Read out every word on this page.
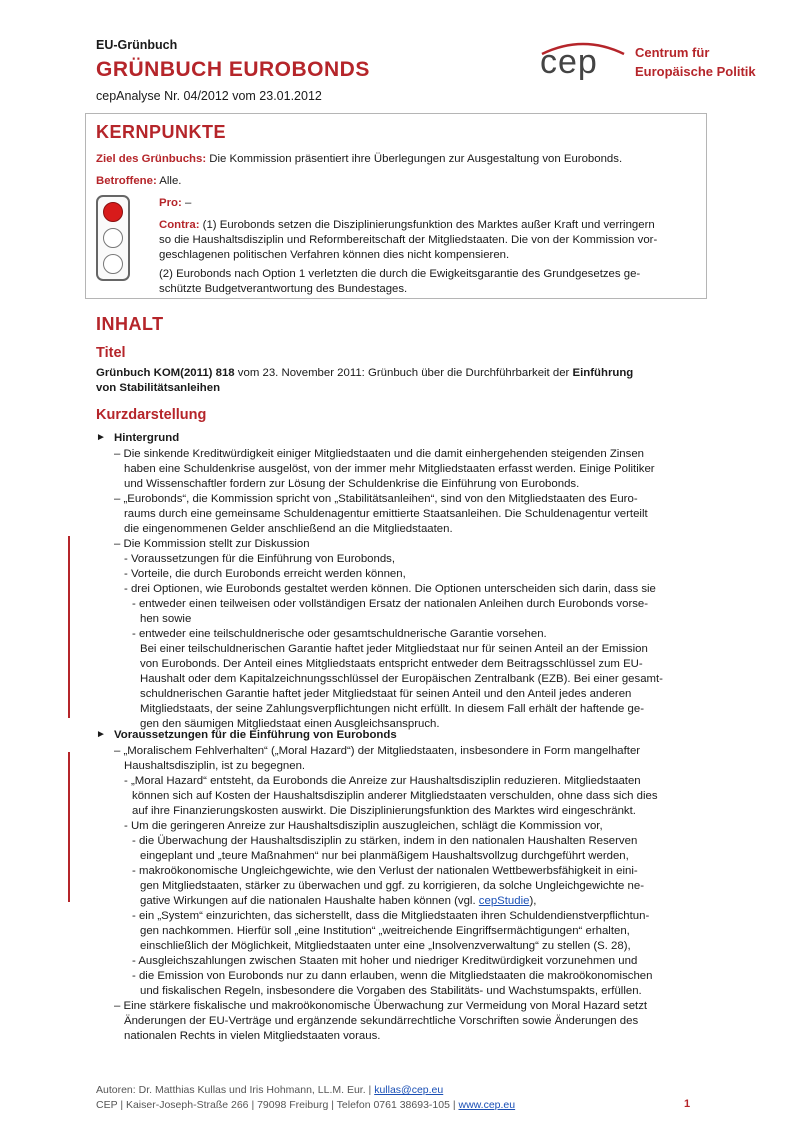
EU-Grünbuch
GRÜNBUCH EUROBONDS
cepAnalyse Nr. 04/2012 vom 23.01.2012
cep	Centrum für
Europäische Politik
KERNPUNKTE
Ziel des Grünbuchs: Die Kommission präsentiert ihre Überlegungen zur Ausgestaltung von Eurobonds.
Betroffene: Alle.
Pro: –
Contra: (1) Eurobonds setzen die Disziplinierungsfunktion des Marktes außer Kraft und verringern
so die Haushaltsdisziplin und Reformbereitschaft der Mitgliedstaaten. Die von der Kommission vor-
geschlagenen politischen Verfahren können dies nicht kompensieren.
(2) Eurobonds nach Option 1 verletzten die durch die Ewigkeitsgarantie des Grundgesetzes ge-
schützte Budgetverantwortung des Bundestages.
INHALT
Titel
Grünbuch KOM(2011) 818 vom 23. November 2011: Grünbuch über die Durchführbarkeit der Einführung
von Stabilitätsanleihen
Kurzdarstellung
►
►
Hintergrund
– Die sinkende Kreditwürdigkeit einiger Mitgliedstaaten und die damit einhergehenden steigenden Zinsen
haben eine Schuldenkrise ausgelöst, von der immer mehr Mitgliedstaaten erfasst werden. Einige Politiker
und Wissenschaftler fordern zur Lösung der Schuldenkrise die Einführung von Eurobonds.
– „Eurobonds“, die Kommission spricht von „Stabilitätsanleihen“, sind von den Mitgliedstaaten des Euro-
raums durch eine gemeinsame Schuldenagentur emittierte Staatsanleihen. Die Schuldenagentur verteilt
die eingenommenen Gelder anschließend an die Mitgliedstaaten.
– Die Kommission stellt zur Diskussion
- Voraussetzungen für die Einführung von Eurobonds,
- Vorteile, die durch Eurobonds erreicht werden können,
- drei Optionen, wie Eurobonds gestaltet werden können. Die Optionen unterscheiden sich darin, dass sie
- entweder einen teilweisen oder vollständigen Ersatz der nationalen Anleihen durch Eurobonds vorse-
hen sowie
- entweder eine teilschuldnerische oder gesamtschuldnerische Garantie vorsehen.
Bei einer teilschuldnerischen Garantie haftet jeder Mitgliedstaat nur für seinen Anteil an der Emission
von Eurobonds. Der Anteil eines Mitgliedstaats entspricht entweder dem Beitragsschlüssel zum EU-
Haushalt oder dem Kapitalzeichnungsschlüssel der Europäischen Zentralbank (EZB). Bei einer gesamt-
schuldnerischen Garantie haftet jeder Mitgliedstaat für seinen Anteil und den Anteil jedes anderen
Mitgliedstaats, der seine Zahlungsverpflichtungen nicht erfüllt. In diesem Fall erhält der haftende ge-
gen den säumigen Mitgliedstaat einen Ausgleichsanspruch.
Voraussetzungen für die Einführung von Eurobonds
– „Moralischem Fehlverhalten“ („Moral Hazard“) der Mitgliedstaaten, insbesondere in Form mangelhafter
Haushaltsdisziplin, ist zu begegnen.
- „Moral Hazard“ entsteht, da Eurobonds die Anreize zur Haushaltsdisziplin reduzieren. Mitgliedstaaten
können sich auf Kosten der Haushaltsdisziplin anderer Mitgliedstaaten verschulden, ohne dass sich dies
auf ihre Finanzierungskosten auswirkt. Die Disziplinierungsfunktion des Marktes wird eingeschränkt.
- Um die geringeren Anreize zur Haushaltsdisziplin auszugleichen, schlägt die Kommission vor,
- die Überwachung der Haushaltsdisziplin zu stärken, indem in den nationalen Haushalten Reserven
eingeplant und „teure Maßnahmen“ nur bei planmäßigem Haushaltsvollzug durchgeführt werden,
- makroökonomische Ungleichgewichte, wie den Verlust der nationalen Wettbewerbsfähigkeit in eini-
gen Mitgliedstaaten, stärker zu überwachen und ggf. zu korrigieren, da solche Ungleichgewichte ne-
gative Wirkungen auf die nationalen Haushalte haben können (vgl. cepStudie),
- ein „System“ einzurichten, das sicherstellt, dass die Mitgliedstaaten ihren Schuldendienstverpflichtun-
gen nachkommen. Hierfür soll „eine Institution“ „weitreichende Eingriffsermächtigungen“ erhalten,
einschließlich der Möglichkeit, Mitgliedstaaten unter eine „Insolvenzverwaltung“ zu stellen (S. 28),
- Ausgleichszahlungen zwischen Staaten mit hoher und niedriger Kreditwürdigkeit vorzunehmen und
- die Emission von Eurobonds nur zu dann erlauben, wenn die Mitgliedstaaten die makroökonomischen
und fiskalischen Regeln, insbesondere die Vorgaben des Stabilitäts- und Wachstumspakts, erfüllen.
– Eine stärkere fiskalische und makroökonomische Überwachung zur Vermeidung von Moral Hazard setzt
Änderungen der EU-Verträge und ergänzende sekundärrechtliche Vorschriften sowie Änderungen des
nationalen Rechts in vielen Mitgliedstaaten voraus.
Autoren: Dr. Matthias Kullas und Iris Hohmann, LL.M. Eur. | kullas@cep.eu
CEP | Kaiser-Joseph-Straße 266 | 79098 Freiburg | Telefon 0761 38693-105 | www.cep.eu	1
